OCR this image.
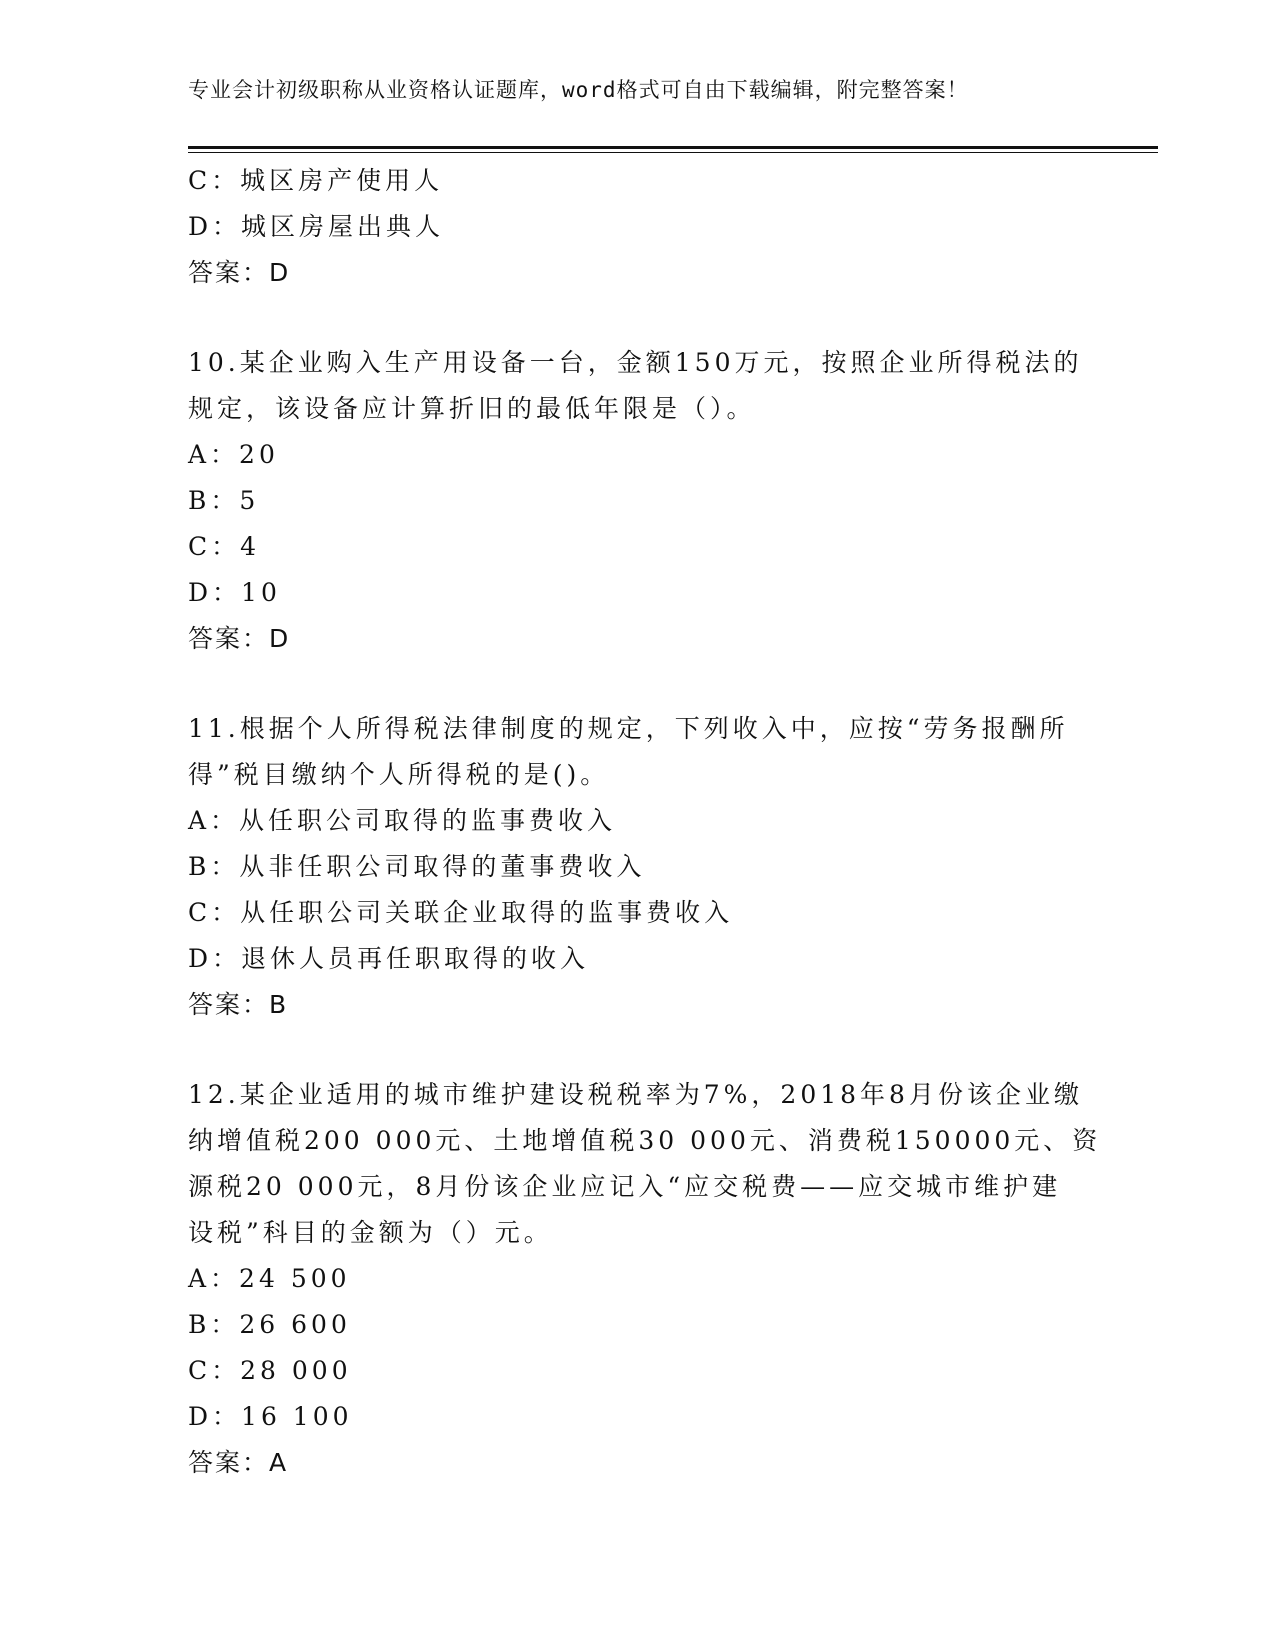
专业会计初级职称从业资格认证题库，word格式可自由下载编辑，附完整答案！
C：城区房产使用人
D：城区房屋出典人
答案：D
10.某企业购入生产用设备一台，金额150万元，按照企业所得税法的
规定，该设备应计算折旧的最低年限是（）。
A：20
B：5
C：4
D：10
答案：D
11.根据个人所得税法律制度的规定，下列收入中，应按“劳务报酬所
得”税目缴纳个人所得税的是()。
A：从任职公司取得的监事费收入
B：从非任职公司取得的董事费收入
C：从任职公司关联企业取得的监事费收入
D：退休人员再任职取得的收入
答案：B
12.某企业适用的城市维护建设税税率为7%，2018年8月份该企业缴
纳增值税200 000元、土地增值税30 000元、消费税150000元、资
源税20 000元，8月份该企业应记入“应交税费——应交城市维护建
设税”科目的金额为（）元。
A：24 500
B：26 600
C：28 000
D：16 100
答案：A
